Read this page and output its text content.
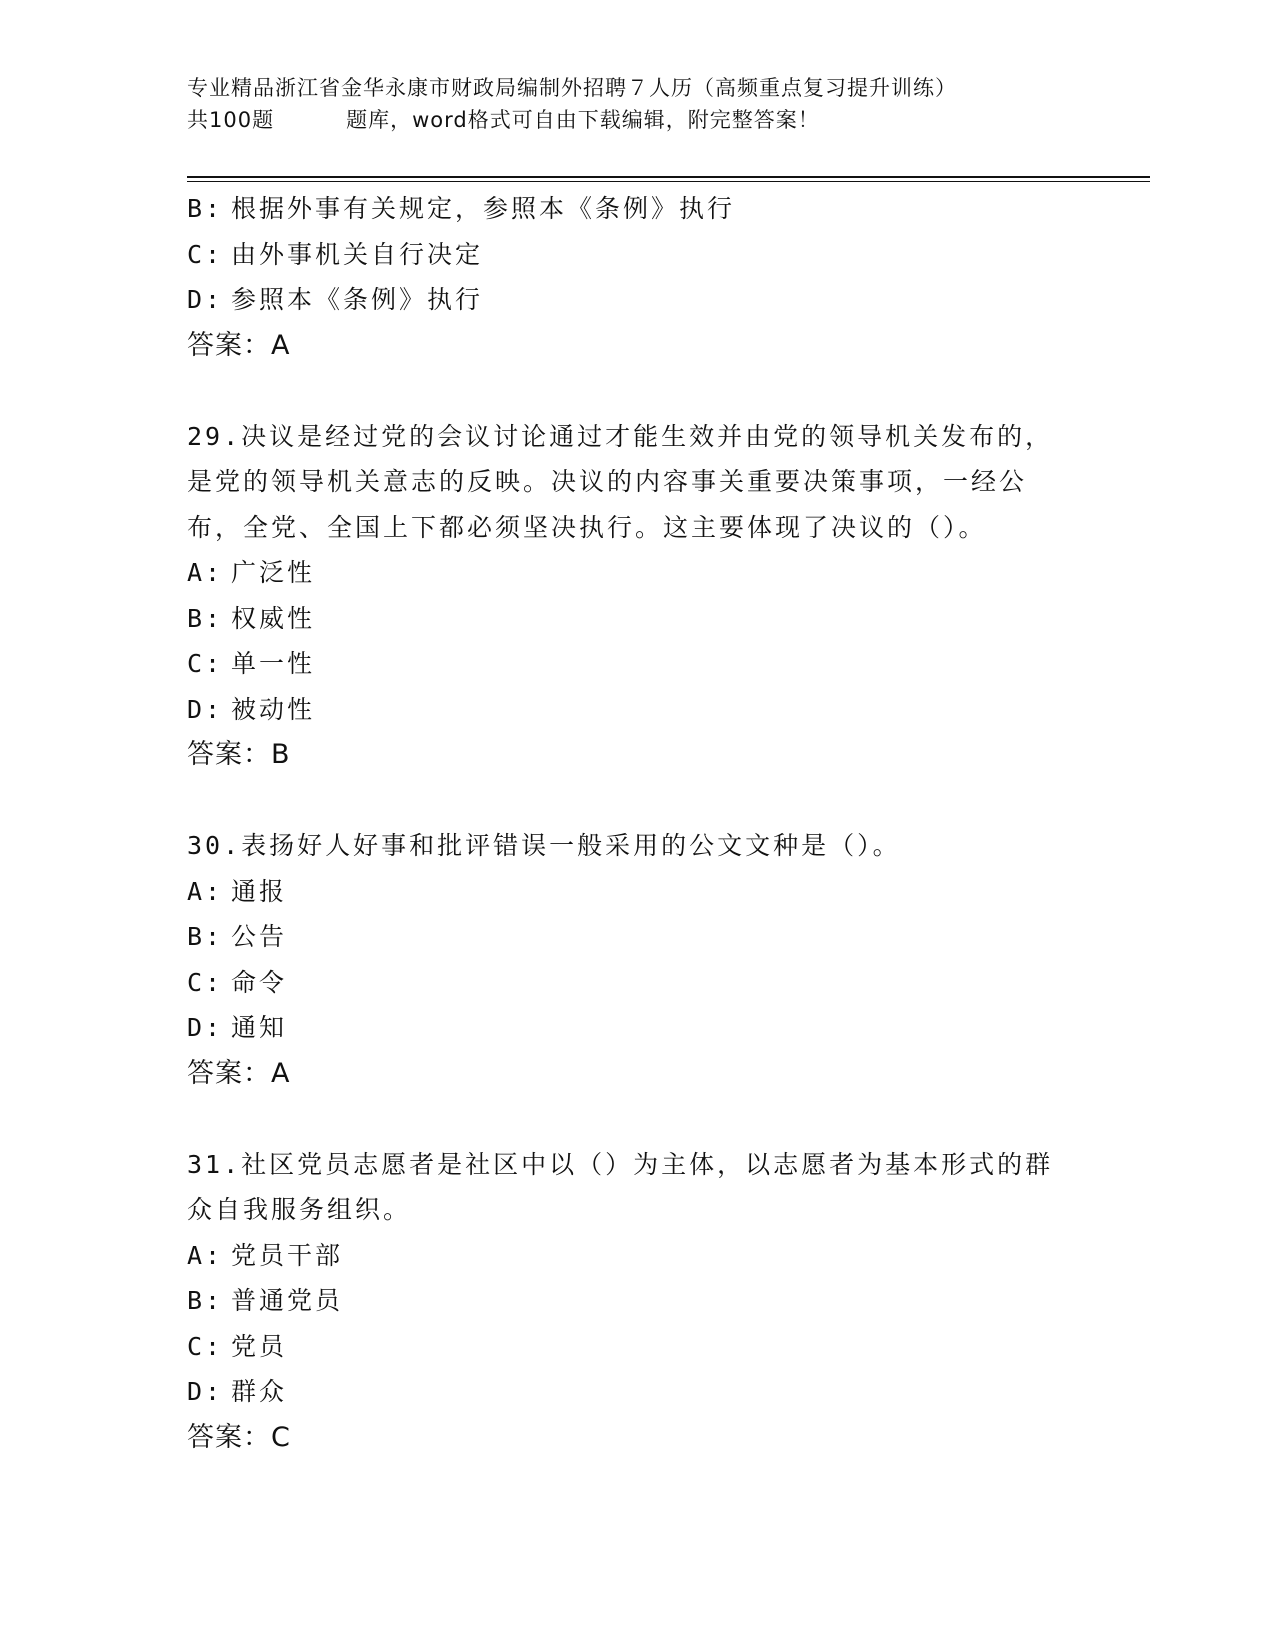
专业精品浙江省金华永康市财政局编制外招聘７人历（高频重点复习提升训练）
共100题	题库，word格式可自由下载编辑，附完整答案！
B: 根据外事有关规定，参照本《条例》执行
C: 由外事机关自行决定
D: 参照本《条例》执行
答案：A
29.决议是经过党的会议讨论通过才能生效并由党的领导机关发布的，
是党的领导机关意志的反映。决议的内容事关重要决策事项，一经公
布，全党、全国上下都必须坚决执行。这主要体现了决议的（）。
A: 广泛性
B: 权威性
C: 单一性
D: 被动性
答案：B
30.表扬好人好事和批评错误一般采用的公文文种是（）。
A: 通报
B: 公告
C: 命令
D: 通知
答案：A
31.社区党员志愿者是社区中以（）为主体，以志愿者为基本形式的群
众自我服务组织。
A: 党员干部
B: 普通党员
C: 党员
D: 群众
答案：C
